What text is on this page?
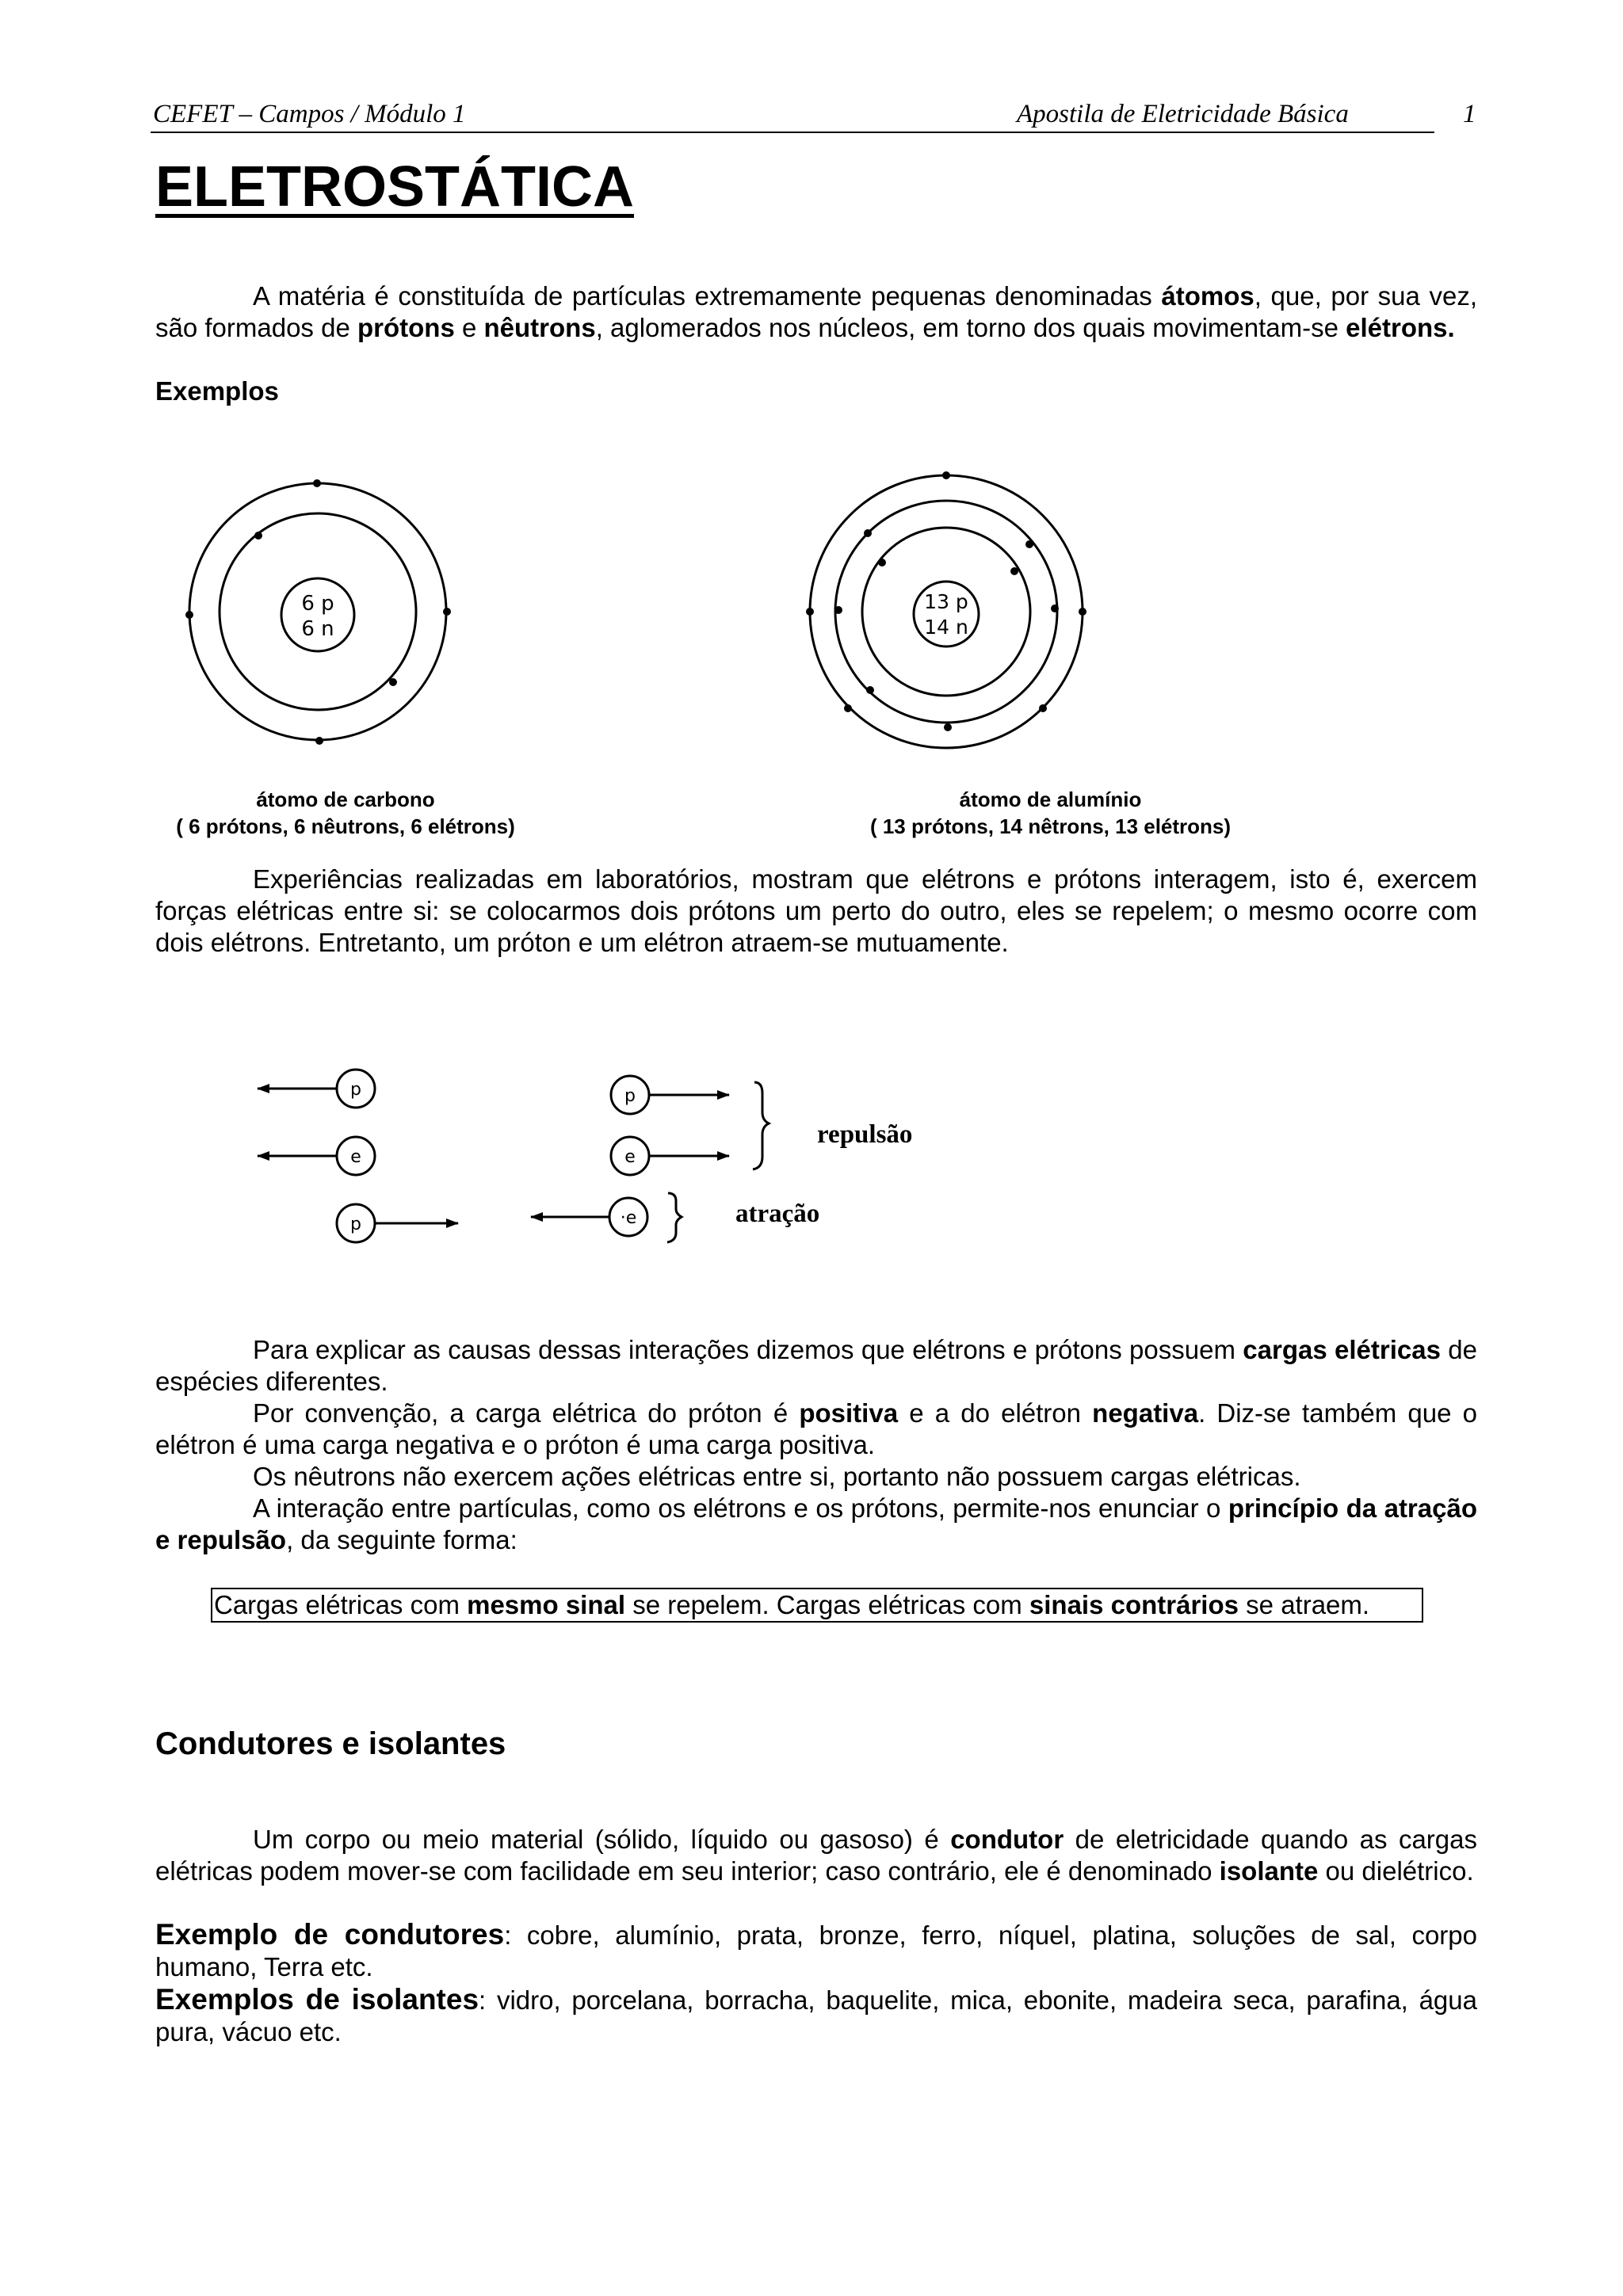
CEFET – Campos / Módulo 1	Apostila de Eletricidade Básica	1
ELETROSTÁTICA
A matéria é constituída de partículas extremamente pequenas denominadas átomos, que, por sua vez, são formados de prótons e nêutrons, aglomerados nos núcleos, em torno dos quais movimentam-se elétrons.
Exemplos
6 p
6 n
13 p
14 n
átomo de carbono
( 6 prótons, 6 nêutrons, 6 elétrons)
átomo de alumínio
( 13 prótons, 14 nêtrons, 13 elétrons)
Experiências realizadas em laboratórios, mostram que elétrons e prótons interagem, isto é, exercem forças elétricas entre si: se colocarmos dois prótons um perto do outro, eles se repelem; o mesmo ocorre com dois elétrons. Entretanto, um próton e um elétron atraem-se mutuamente.
p
e
p
p
e
·e
repulsão
atração
Para explicar as causas dessas interações dizemos que elétrons e prótons possuem cargas elétricas de espécies diferentes.
Por convenção, a carga elétrica do próton é positiva e a do elétron negativa. Diz-se também que o elétron é uma carga negativa e o próton é uma carga positiva.
Os nêutrons não exercem ações elétricas entre si, portanto não possuem cargas elétricas.
A interação entre partículas, como os elétrons e os prótons, permite-nos enunciar o princípio da atração e repulsão, da seguinte forma:
Cargas elétricas com mesmo sinal se repelem. Cargas elétricas com sinais contrários se atraem.
Condutores e isolantes
Um corpo ou meio material (sólido, líquido ou gasoso) é condutor de eletricidade quando as cargas elétricas podem mover-se com facilidade em seu interior; caso contrário, ele é denominado isolante ou dielétrico.
Exemplo de condutores: cobre, alumínio, prata, bronze, ferro, níquel, platina, soluções de sal, corpo humano, Terra etc.
Exemplos de isolantes: vidro, porcelana, borracha, baquelite, mica, ebonite, madeira seca, parafina, água pura, vácuo etc.
